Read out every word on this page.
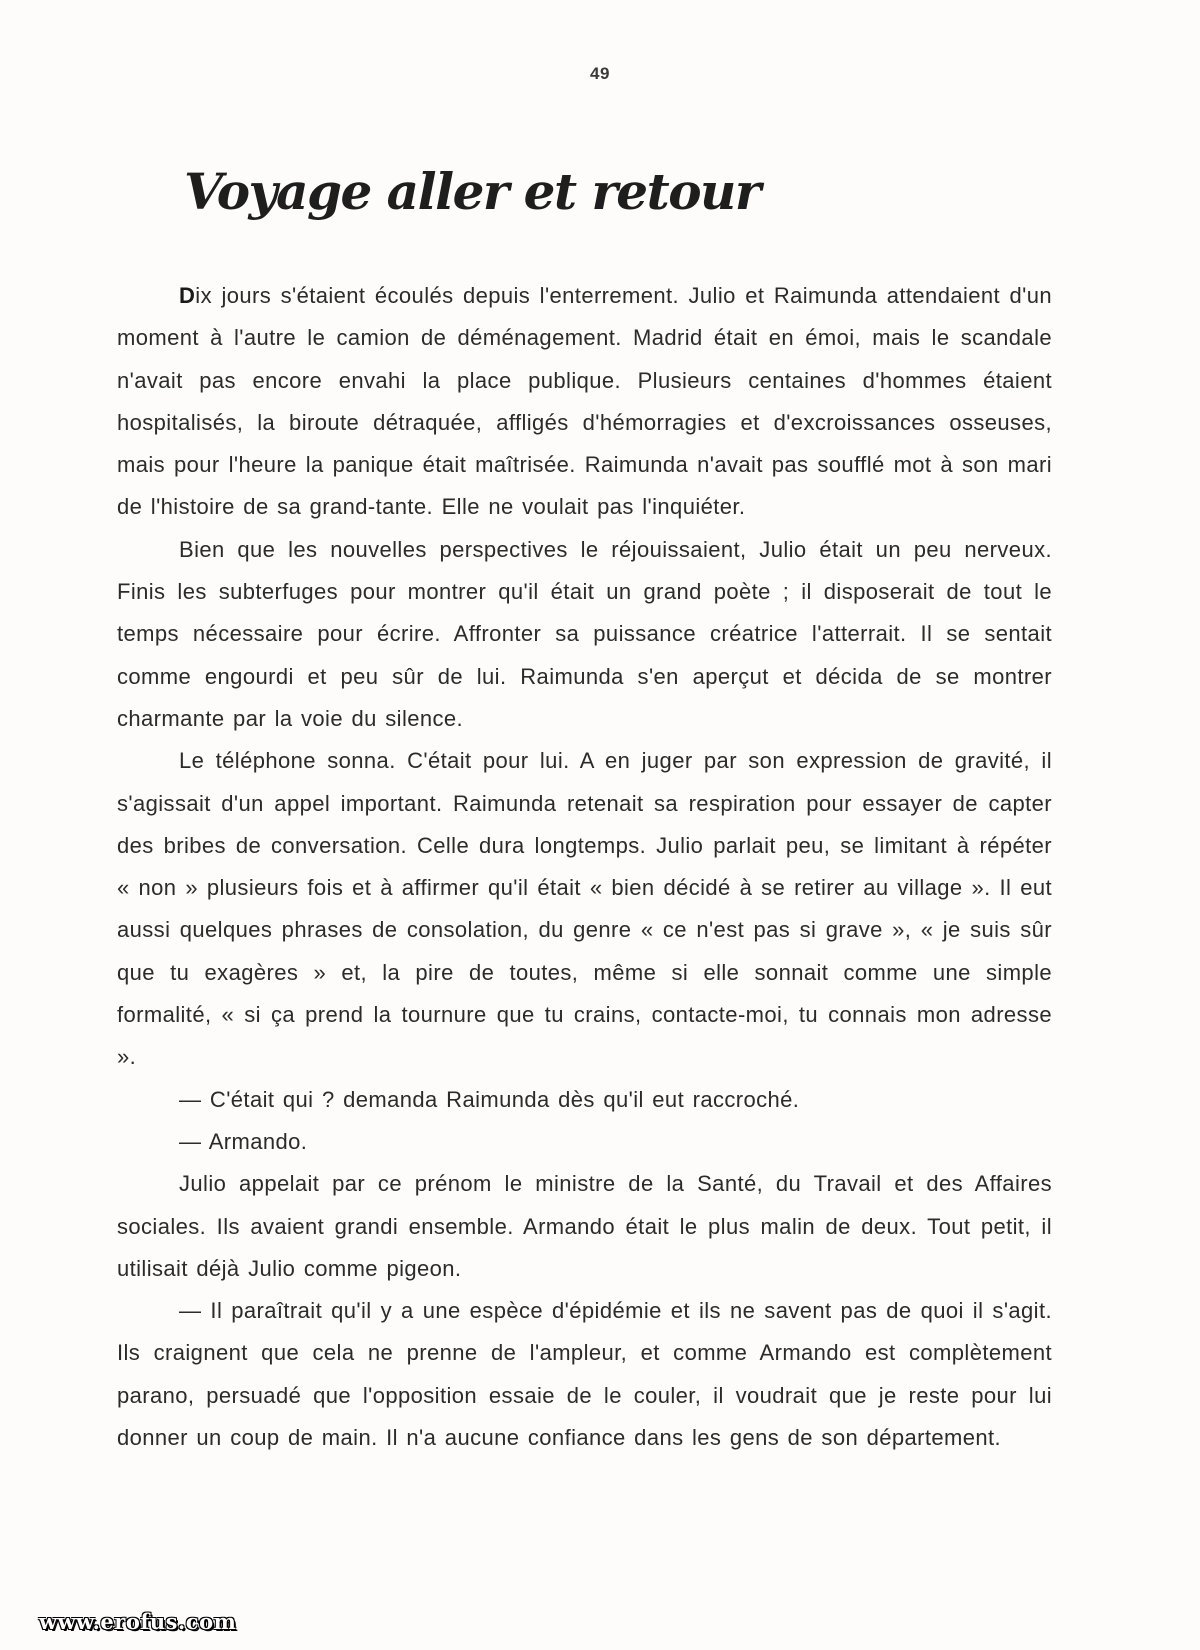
49
Voyage aller et retour

Dix jours s'étaient écoulés depuis l'enterrement. Julio et Raimunda attendaient d'un moment à l'autre le camion de déménagement. Madrid était en émoi, mais le scandale n'avait pas encore envahi la place publique. Plusieurs centaines d'hommes étaient hospitalisés, la biroute détraquée, affligés d'hémorragies et d'excroissances osseuses, mais pour l'heure la panique était maîtrisée. Raimunda n'avait pas soufflé mot à son mari de l'histoire de sa grand-tante. Elle ne voulait pas l'inquiéter.

Bien que les nouvelles perspectives le réjouissaient, Julio était un peu nerveux. Finis les subterfuges pour montrer qu'il était un grand poète ; il disposerait de tout le temps nécessaire pour écrire. Affronter sa puissance créatrice l'atterrait. Il se sentait comme engourdi et peu sûr de lui. Raimunda s'en aperçut et décida de se montrer charmante par la voie du silence.

Le téléphone sonna. C'était pour lui. A en juger par son expression de gravité, il s'agissait d'un appel important. Raimunda retenait sa respiration pour essayer de capter des bribes de conversation. Celle dura longtemps. Julio parlait peu, se limitant à répéter « non » plusieurs fois et à affirmer qu'il était « bien décidé à se retirer au village ». Il eut aussi quelques phrases de consolation, du genre « ce n'est pas si grave », « je suis sûr que tu exagères » et, la pire de toutes, même si elle sonnait comme une simple formalité, « si ça prend la tournure que tu crains, contacte-moi, tu connais mon adresse ».

— C'était qui ? demanda Raimunda dès qu'il eut raccroché.

— Armando.

Julio appelait par ce prénom le ministre de la Santé, du Travail et des Affaires sociales. Ils avaient grandi ensemble. Armando était le plus malin de deux. Tout petit, il utilisait déjà Julio comme pigeon.

— Il paraîtrait qu'il y a une espèce d'épidémie et ils ne savent pas de quoi il s'agit. Ils craignent que cela ne prenne de l'ampleur, et comme Armando est complètement parano, persuadé que l'opposition essaie de le couler, il voudrait que je reste pour lui donner un coup de main. Il n'a aucune confiance dans les gens de son département.

www.erofus.com
